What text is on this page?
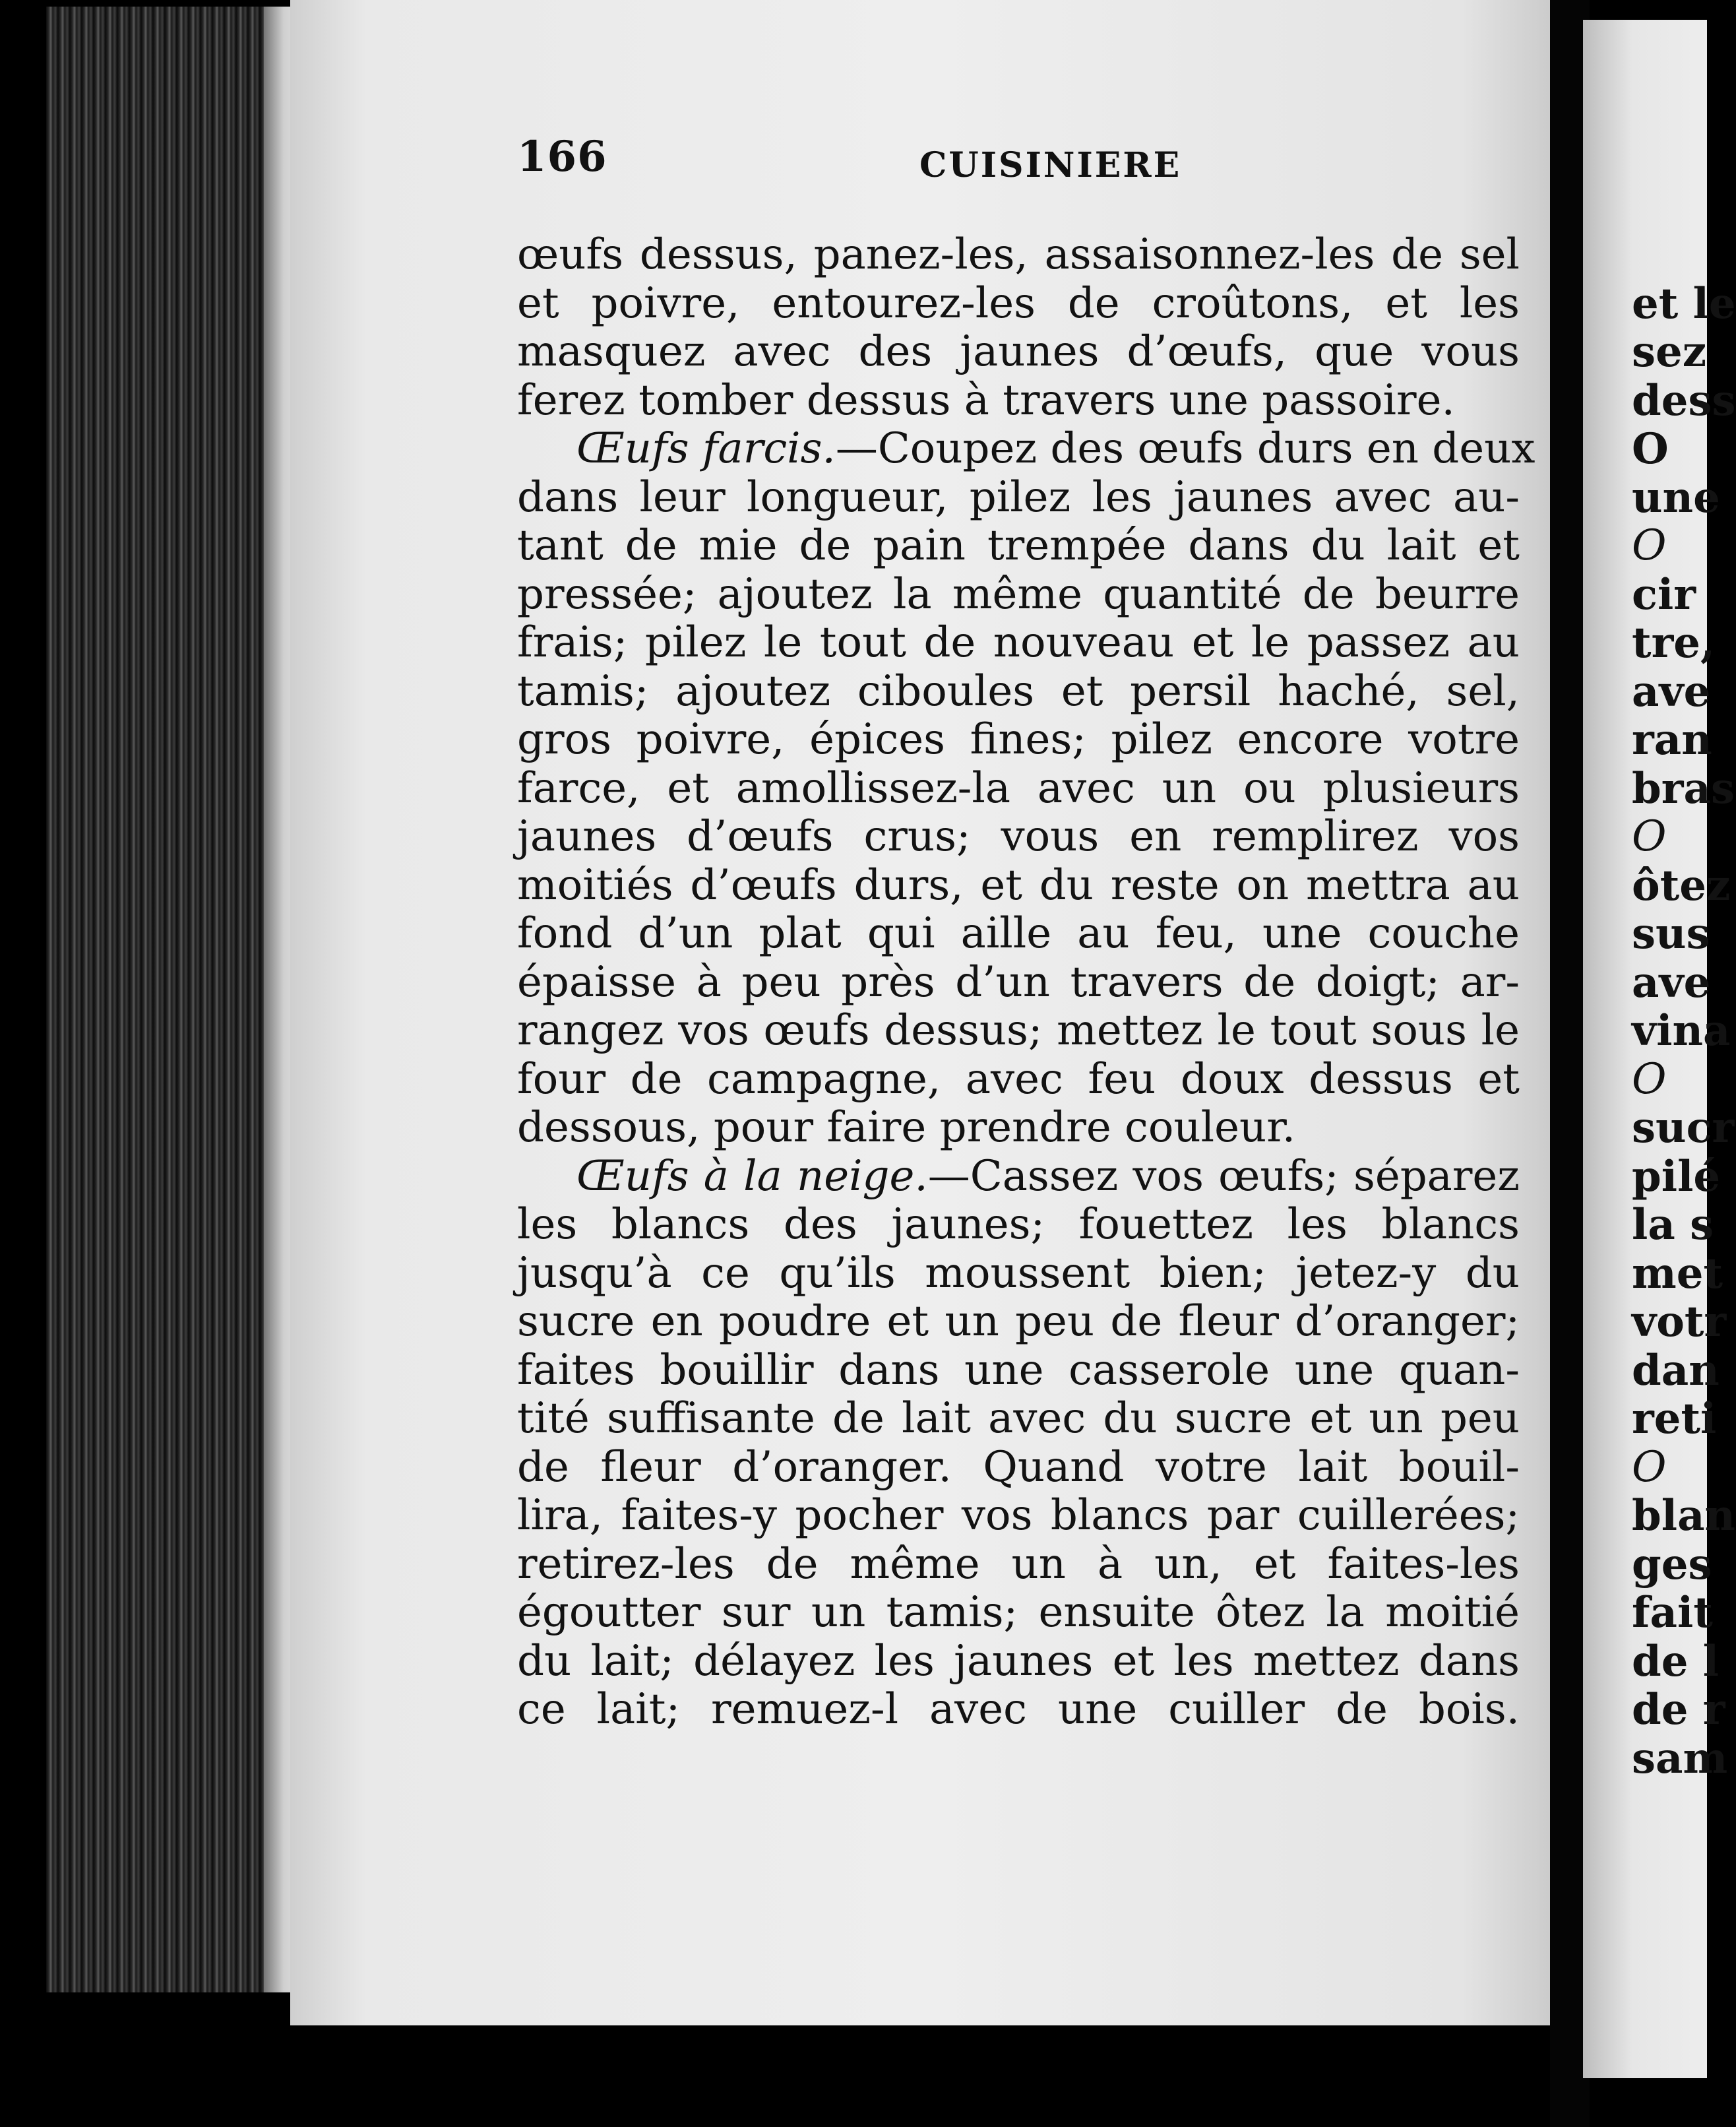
166	CUISINIERE
œufs dessus, panez-les, assaisonnez-les de sel
et poivre, entourez-les de croûtons, et les
masquez avec des jaunes d’œufs, que vous
ferez tomber dessus à travers une passoire.
Œufs farcis.—Coupez des œufs durs en deux
dans leur longueur, pilez les jaunes avec au-
tant de mie de pain trempée dans du lait et
pressée; ajoutez la même quantité de beurre
frais; pilez le tout de nouveau et le passez au
tamis; ajoutez ciboules et persil haché, sel,
gros poivre, épices fines; pilez encore votre
farce, et amollissez-la avec un ou plusieurs
jaunes d’œufs crus; vous en remplirez vos
moitiés d’œufs durs, et du reste on mettra au
fond d’un plat qui aille au feu, une couche
épaisse à peu près d’un travers de doigt; ar-
rangez vos œufs dessus; mettez le tout sous le
four de campagne, avec feu doux dessus et
dessous, pour faire prendre couleur.
Œufs à la neige.—Cassez vos œufs; séparez
les blancs des jaunes; fouettez les blancs
jusqu’à ce qu’ils moussent bien; jetez-y du
sucre en poudre et un peu de fleur d’oranger;
faites bouillir dans une casserole une quan-
tité suffisante de lait avec du sucre et un peu
de fleur d’oranger. Quand votre lait bouil-
lira, faites-y pocher vos blancs par cuillerées;
retirez-les de même un à un, et faites-les
égoutter sur un tamis; ensuite ôtez la moitié
du lait; délayez les jaunes et les mettez dans
ce lait; remuez-l avec une cuiller de bois.
et le
sez
dess
O
une
O
cir
tre,
ave
ran
bras
O
ôtez
sus
ave
vina
O
sucr
pilé
la s
met
votr
dan
reti
O
blan
ges
fait
de l
de r
sam
